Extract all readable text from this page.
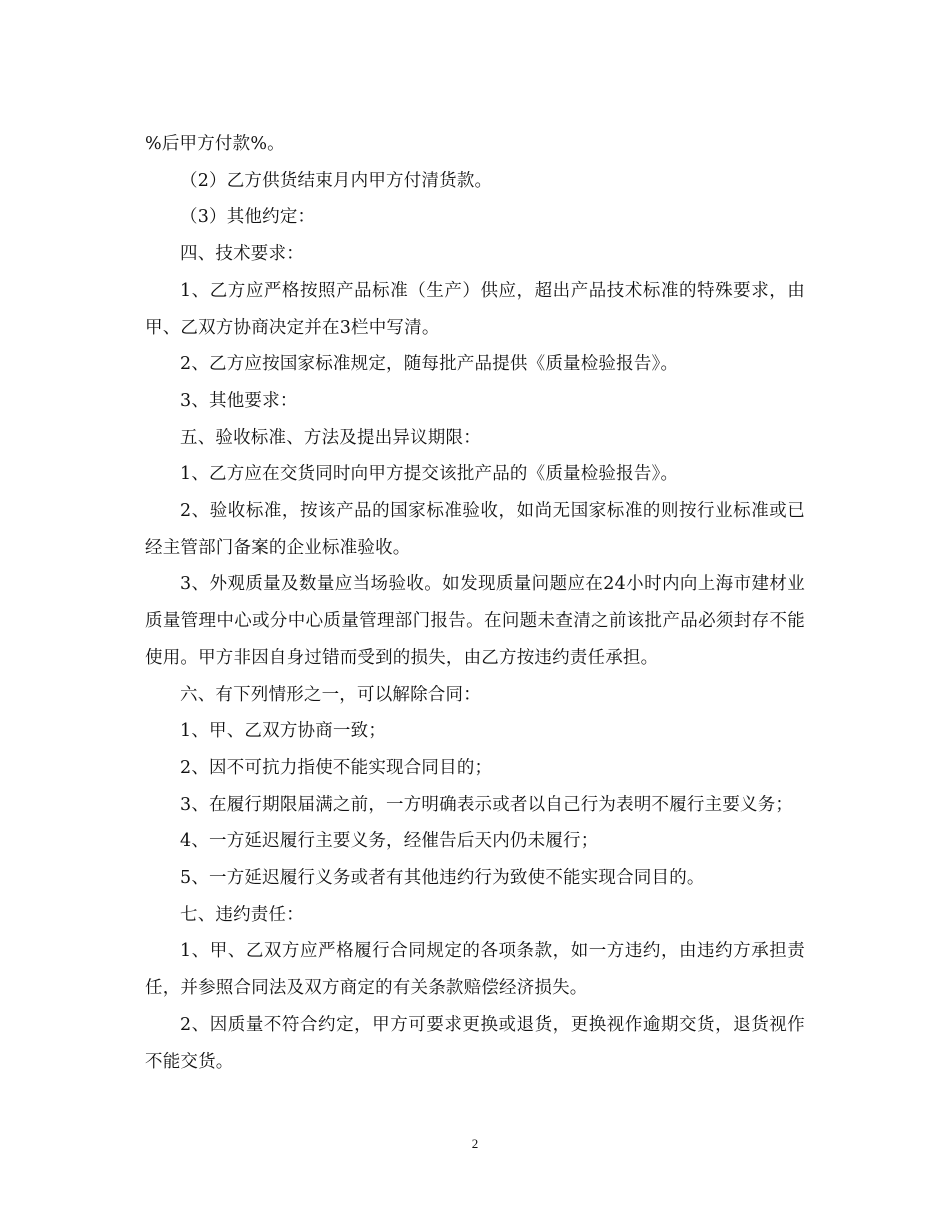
%后甲方付款%。

（2）乙方供货结束月内甲方付清货款。

（3）其他约定：

四、技术要求：

1、乙方应严格按照产品标准（生产）供应，超出产品技术标准的特殊要求，由甲、乙双方协商决定并在3栏中写清。

2、乙方应按国家标准规定，随每批产品提供《质量检验报告》。

3、其他要求：

五、验收标准、方法及提出异议期限：

1、乙方应在交货同时向甲方提交该批产品的《质量检验报告》。

2、验收标准，按该产品的国家标准验收，如尚无国家标准的则按行业标准或已经主管部门备案的企业标准验收。

3、外观质量及数量应当场验收。如发现质量问题应在24小时内向上海市建材业质量管理中心或分中心质量管理部门报告。在问题未查清之前该批产品必须封存不能使用。甲方非因自身过错而受到的损失，由乙方按违约责任承担。

六、有下列情形之一，可以解除合同：

1、甲、乙双方协商一致；

2、因不可抗力指使不能实现合同目的；

3、在履行期限届满之前，一方明确表示或者以自己行为表明不履行主要义务；

4、一方延迟履行主要义务，经催告后天内仍未履行；

5、一方延迟履行义务或者有其他违约行为致使不能实现合同目的。

七、违约责任：

1、甲、乙双方应严格履行合同规定的各项条款，如一方违约，由违约方承担责任，并参照合同法及双方商定的有关条款赔偿经济损失。

2、因质量不符合约定，甲方可要求更换或退货，更换视作逾期交货，退货视作不能交货。

2
